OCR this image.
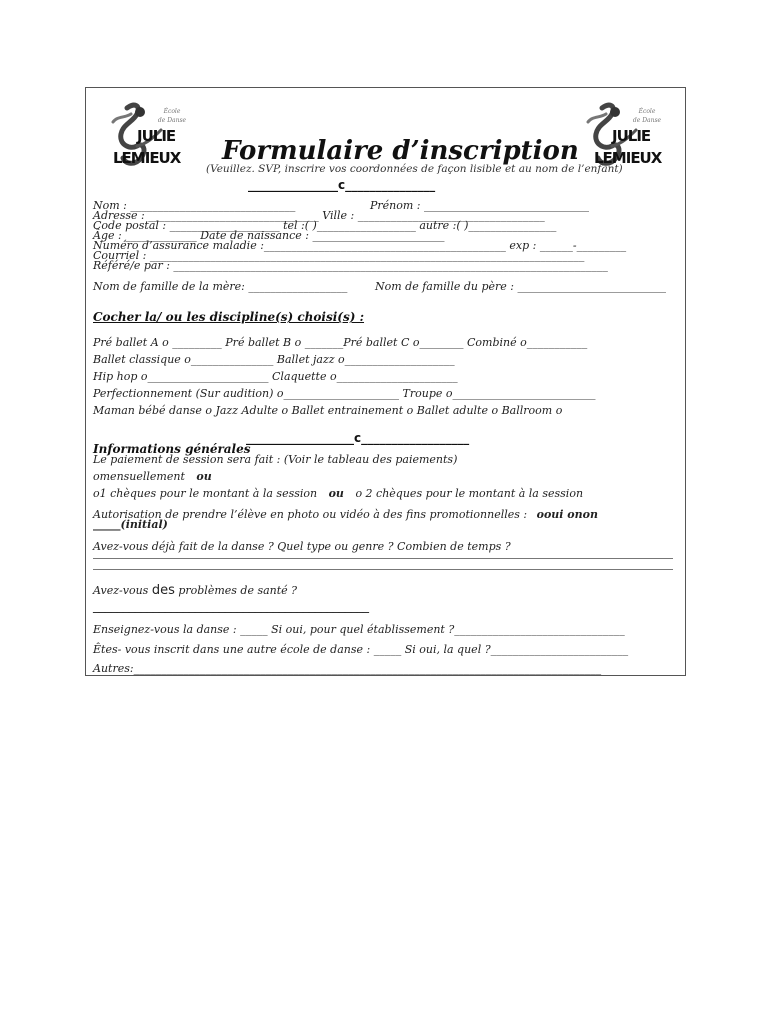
École
de Danse
JULIE
LEMIEUX
École
de Danse
JULIE
LEMIEUX
Formulaire d’inscription
(Veuillez. SVP, inscrire vos coordonnées de façon lisible et au nom de l’enfant)
_______________c_______________
Nom : ______________________________	Prénom : ______________________________
Adresse : _______________________________ Ville : __________________________________
Code postal : ____________________ tel :( )__________________ autre :( )________________
Âge : _____________ Date de naissance : ________________________
Numéro d’assurance maladie :____________________________________________ exp : ______-_________
Courriel : _______________________________________________________________________________
Référé/e par : _______________________________________________________________________________
Nom de famille de la mère: __________________	Nom de famille du père : ___________________________
Cocher la/ ou les discipline(s) choisi(s) :
Pré ballet A o _________ Pré ballet B o _______Pré ballet C o________ Combiné o___________
Ballet classique o_______________ Ballet jazz o____________________
Hip hop o______________________ Claquette o______________________
Perfectionnement (Sur audition) o_____________________ Troupe o__________________________
Maman bébé danse o Jazz Adulte o Ballet entrainement o Ballet adulte o Ballroom o
__________________c__________________
Informations générales
Le paiement de session sera fait : (Voir le tableau des paiements)
omensuellement ou
o1 chèques pour le montant à la session ou o 2 chèques pour le montant à la session
Autorisation de prendre l’élève en photo ou vidéo à des fins promotionnelles : ooui onon
_____(initial)
Avez-vous déjà fait de la danse ? Quel type ou genre ? Combien de temps ?
Avez-vous des problèmes de santé ?
______________________________________________
Enseignez-vous la danse : _____ Si oui, pour quel établissement ?_______________________________
Êtes- vous inscrit dans une autre école de danse : _____ Si oui, la quel ?_________________________
Autres:_____________________________________________________________________________________
